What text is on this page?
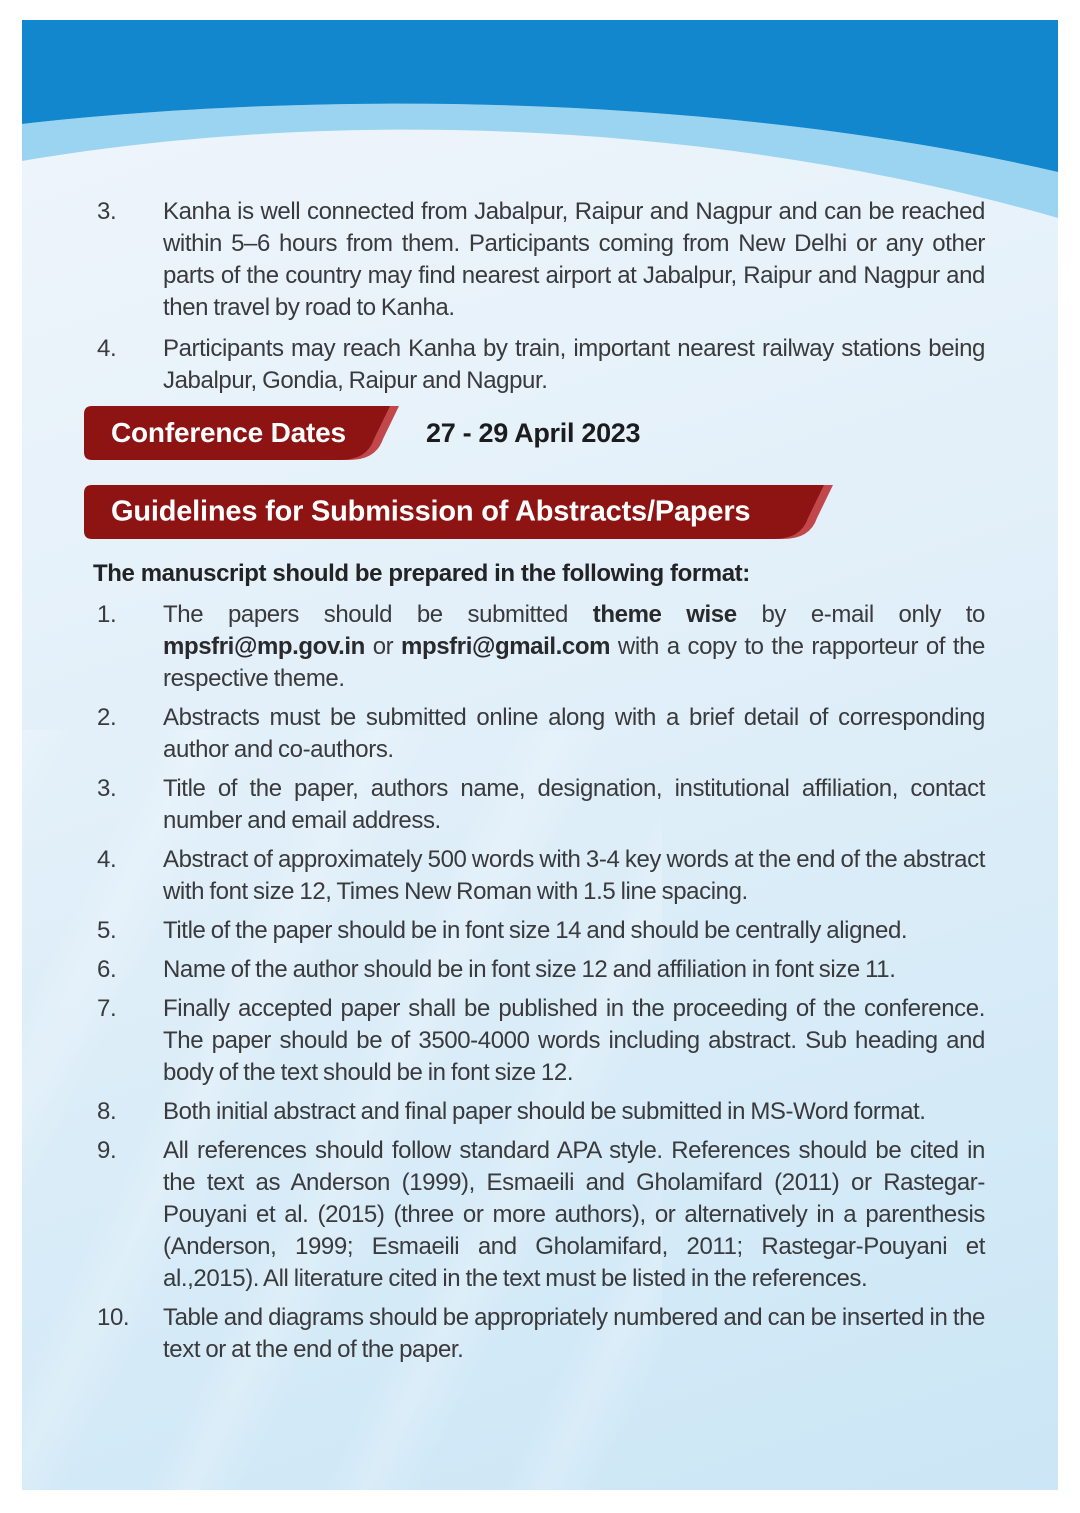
3.	Kanha is well connected from Jabalpur, Raipur and Nagpur and can be reached within 5–6 hours from them. Participants coming from New Delhi or any other parts of the country may find nearest airport at Jabalpur, Raipur and Nagpur and then travel by road to Kanha.
4.	Participants may reach Kanha by train, important nearest railway stations being Jabalpur, Gondia, Raipur and Nagpur.
Conference Dates	27 - 29 April 2023
Guidelines for Submission of Abstracts/Papers
The manuscript should be prepared in the following format:
1.	The papers should be submitted theme wise by e-mail only to mpsfri@mp.gov.in or mpsfri@gmail.com with a copy to the rapporteur of the respective theme.
2.	Abstracts must be submitted online along with a brief detail of corresponding author and co-authors.
3.	Title of the paper, authors name, designation, institutional affiliation, contact number and email address.
4.	Abstract of approximately 500 words with 3-4 key words at the end of the abstract with font size 12, Times New Roman with 1.5 line spacing.
5.	Title of the paper should be in font size 14 and should be centrally aligned.
6.	Name of the author should be in font size 12 and affiliation in font size 11.
7.	Finally accepted paper shall be published in the proceeding of the conference. The paper should be of 3500-4000 words including abstract. Sub heading and body of the text should be in font size 12.
8.	Both initial abstract and final paper should be submitted in MS-Word format.
9.	All references should follow standard APA style. References should be cited in the text as Anderson (1999), Esmaeili and Gholamifard (2011) or Rastegar-Pouyani et al. (2015) (three or more authors), or alternatively in a parenthesis (Anderson, 1999; Esmaeili and Gholamifard, 2011; Rastegar-Pouyani et al.,2015). All literature cited in the text must be listed in the references.
10.	Table and diagrams should be appropriately numbered and can be inserted in the text or at the end of the paper.
